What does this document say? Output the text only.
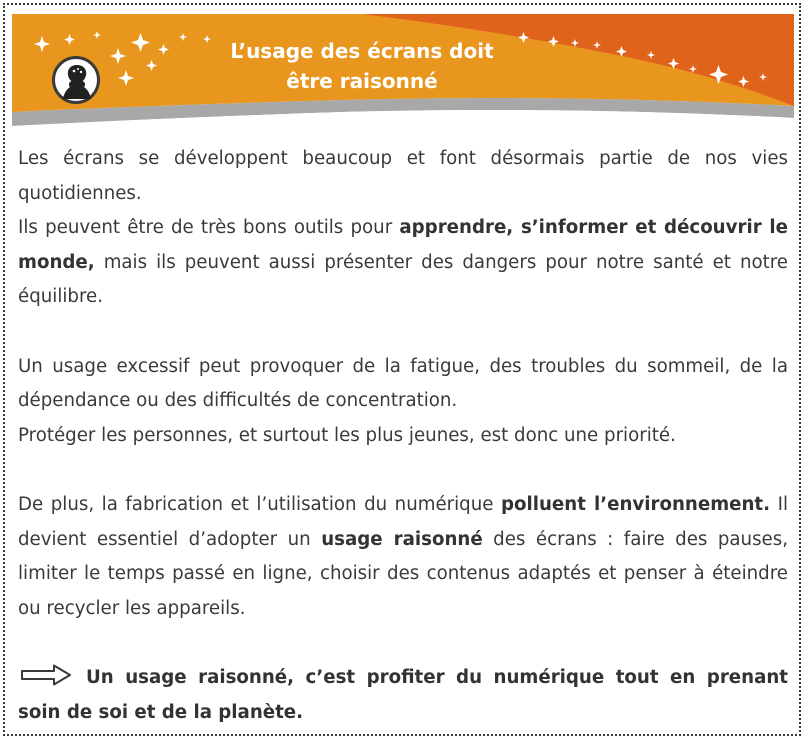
L’usage des écrans doit
être raisonné

Les écrans se développent beaucoup et font désormais partie de nos vies quotidiennes.

Ils peuvent être de très bons outils pour apprendre, s’informer et découvrir le monde, mais ils peuvent aussi présenter des dangers pour notre santé et notre équilibre.

Un usage excessif peut provoquer de la fatigue, des troubles du sommeil, de la dépendance ou des difficultés de concentration.

Protéger les personnes, et surtout les plus jeunes, est donc une priorité.

De plus, la fabrication et l’utilisation du numérique polluent l’environnement. Il devient essentiel d’adopter un usage raisonné des écrans : faire des pauses, limiter le temps passé en ligne, choisir des contenus adaptés et penser à éteindre ou recycler les appareils.

Un usage raisonné, c’est profiter du numérique tout en prenant soin de soi et de la planète.
